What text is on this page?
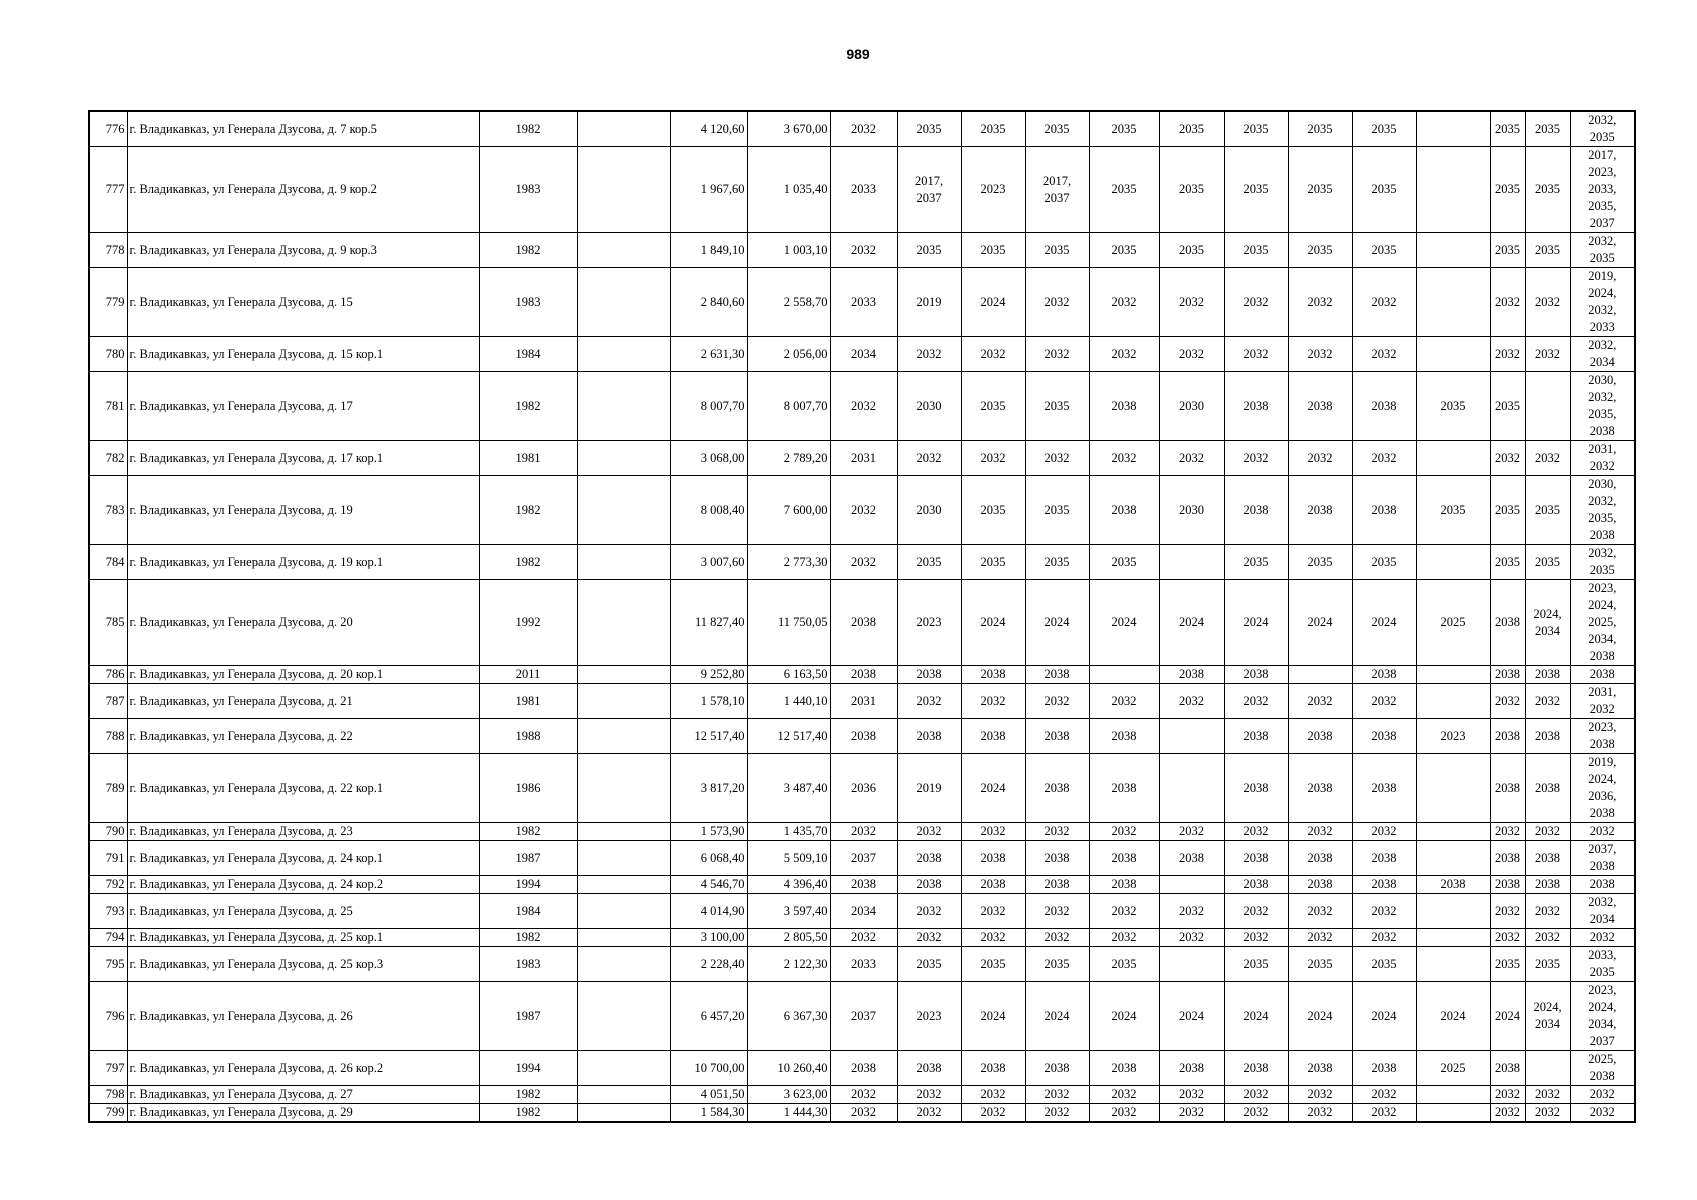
989
776	г. Владикавказ, ул Генерала Дзусова, д. 7 кор.5	1982		4 120,60	3 670,00	2032	2035	2035	2035	2035	2035	2035	2035	2035		2035	2035	2032,
2035
777	г. Владикавказ, ул Генерала Дзусова, д. 9 кор.2	1983		1 967,60	1 035,40	2033	2017,
2037	2023	2017,
2037	2035	2035	2035	2035	2035		2035	2035	2017,
2023,
2033,
2035,
2037
778	г. Владикавказ, ул Генерала Дзусова, д. 9 кор.3	1982		1 849,10	1 003,10	2032	2035	2035	2035	2035	2035	2035	2035	2035		2035	2035	2032,
2035
779	г. Владикавказ, ул Генерала Дзусова, д. 15	1983		2 840,60	2 558,70	2033	2019	2024	2032	2032	2032	2032	2032	2032		2032	2032	2019,
2024,
2032,
2033
780	г. Владикавказ, ул Генерала Дзусова, д. 15 кор.1	1984		2 631,30	2 056,00	2034	2032	2032	2032	2032	2032	2032	2032	2032		2032	2032	2032,
2034
781	г. Владикавказ, ул Генерала Дзусова, д. 17	1982		8 007,70	8 007,70	2032	2030	2035	2035	2038	2030	2038	2038	2038	2035	2035		2030,
2032,
2035,
2038
782	г. Владикавказ, ул Генерала Дзусова, д. 17 кор.1	1981		3 068,00	2 789,20	2031	2032	2032	2032	2032	2032	2032	2032	2032		2032	2032	2031,
2032
783	г. Владикавказ, ул Генерала Дзусова, д. 19	1982		8 008,40	7 600,00	2032	2030	2035	2035	2038	2030	2038	2038	2038	2035	2035	2035	2030,
2032,
2035,
2038
784	г. Владикавказ, ул Генерала Дзусова, д. 19 кор.1	1982		3 007,60	2 773,30	2032	2035	2035	2035	2035		2035	2035	2035		2035	2035	2032,
2035
785	г. Владикавказ, ул Генерала Дзусова, д. 20	1992		11 827,40	11 750,05	2038	2023	2024	2024	2024	2024	2024	2024	2024	2025	2038	2024,
2034	2023,
2024,
2025,
2034,
2038
786	г. Владикавказ, ул Генерала Дзусова, д. 20 кор.1	2011		9 252,80	6 163,50	2038	2038	2038	2038		2038	2038		2038		2038	2038	2038
787	г. Владикавказ, ул Генерала Дзусова, д. 21	1981		1 578,10	1 440,10	2031	2032	2032	2032	2032	2032	2032	2032	2032		2032	2032	2031,
2032
788	г. Владикавказ, ул Генерала Дзусова, д. 22	1988		12 517,40	12 517,40	2038	2038	2038	2038	2038		2038	2038	2038	2023	2038	2038	2023,
2038
789	г. Владикавказ, ул Генерала Дзусова, д. 22 кор.1	1986		3 817,20	3 487,40	2036	2019	2024	2038	2038		2038	2038	2038		2038	2038	2019,
2024,
2036,
2038
790	г. Владикавказ, ул Генерала Дзусова, д. 23	1982		1 573,90	1 435,70	2032	2032	2032	2032	2032	2032	2032	2032	2032		2032	2032	2032
791	г. Владикавказ, ул Генерала Дзусова, д. 24 кор.1	1987		6 068,40	5 509,10	2037	2038	2038	2038	2038	2038	2038	2038	2038		2038	2038	2037,
2038
792	г. Владикавказ, ул Генерала Дзусова, д. 24 кор.2	1994		4 546,70	4 396,40	2038	2038	2038	2038	2038		2038	2038	2038	2038	2038	2038	2038
793	г. Владикавказ, ул Генерала Дзусова, д. 25	1984		4 014,90	3 597,40	2034	2032	2032	2032	2032	2032	2032	2032	2032		2032	2032	2032,
2034
794	г. Владикавказ, ул Генерала Дзусова, д. 25 кор.1	1982		3 100,00	2 805,50	2032	2032	2032	2032	2032	2032	2032	2032	2032		2032	2032	2032
795	г. Владикавказ, ул Генерала Дзусова, д. 25 кор.3	1983		2 228,40	2 122,30	2033	2035	2035	2035	2035		2035	2035	2035		2035	2035	2033,
2035
796	г. Владикавказ, ул Генерала Дзусова, д. 26	1987		6 457,20	6 367,30	2037	2023	2024	2024	2024	2024	2024	2024	2024	2024	2024	2024,
2034	2023,
2024,
2034,
2037
797	г. Владикавказ, ул Генерала Дзусова, д. 26 кор.2	1994		10 700,00	10 260,40	2038	2038	2038	2038	2038	2038	2038	2038	2038	2025	2038		2025,
2038
798	г. Владикавказ, ул Генерала Дзусова, д. 27	1982		4 051,50	3 623,00	2032	2032	2032	2032	2032	2032	2032	2032	2032		2032	2032	2032
799	г. Владикавказ, ул Генерала Дзусова, д. 29	1982		1 584,30	1 444,30	2032	2032	2032	2032	2032	2032	2032	2032	2032		2032	2032	2032
